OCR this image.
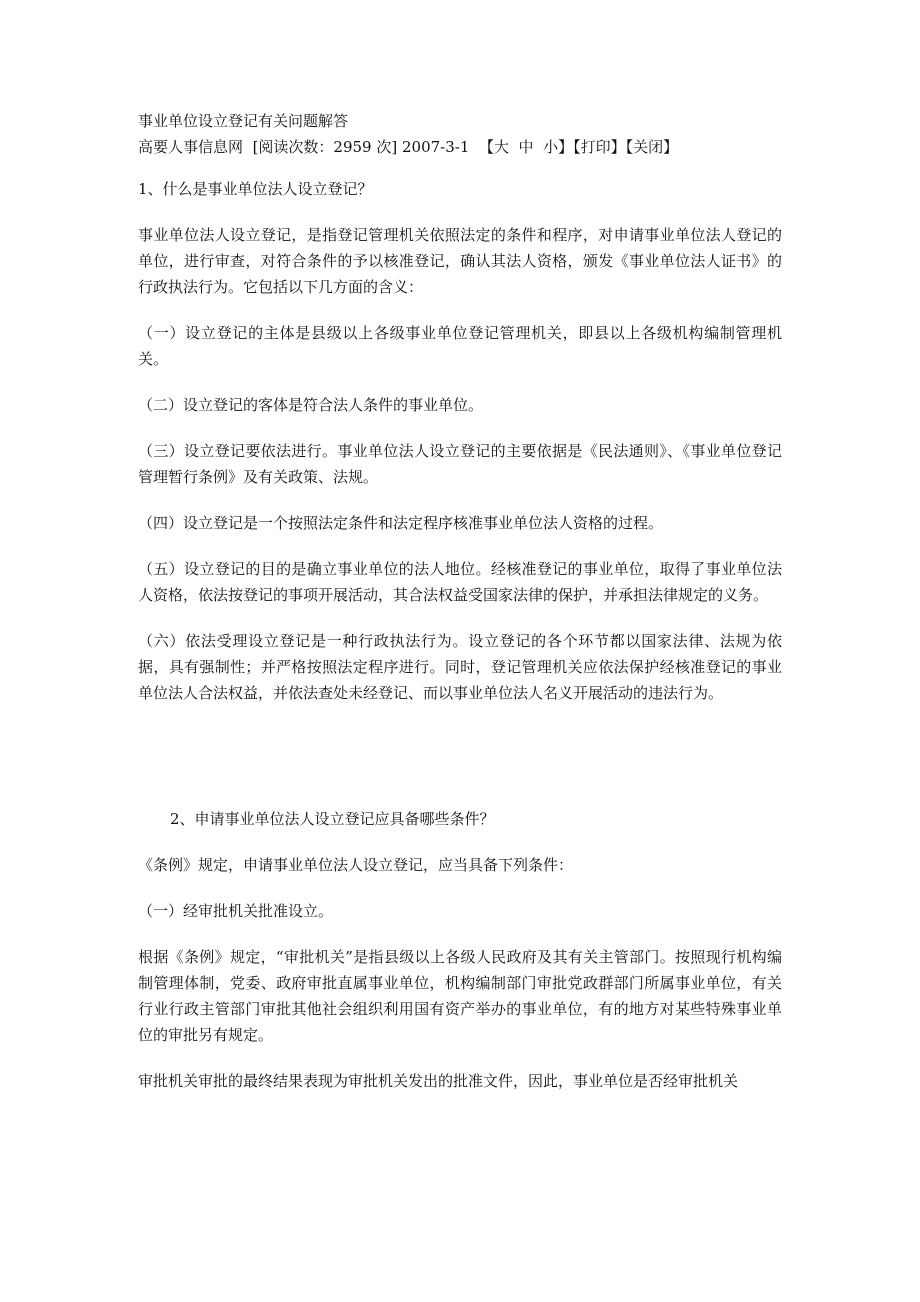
事业单位设立登记有关问题解答

高要人事信息网 [阅读次数：2959 次] 2007-3-1 【大 中 小】【打印】【关闭】

1、什么是事业单位法人设立登记？

事业单位法人设立登记，是指登记管理机关依照法定的条件和程序，对申请事业单位法人登记的单位，进行审查，对符合条件的予以核准登记，确认其法人资格，颁发《事业单位法人证书》的行政执法行为。它包括以下几方面的含义：

（一）设立登记的主体是县级以上各级事业单位登记管理机关，即县以上各级机构编制管理机关。

（二）设立登记的客体是符合法人条件的事业单位。

（三）设立登记要依法进行。事业单位法人设立登记的主要依据是《民法通则》、《事业单位登记管理暂行条例》及有关政策、法规。

（四）设立登记是一个按照法定条件和法定程序核准事业单位法人资格的过程。

（五）设立登记的目的是确立事业单位的法人地位。经核准登记的事业单位，取得了事业单位法人资格，依法按登记的事项开展活动，其合法权益受国家法律的保护，并承担法律规定的义务。

（六）依法受理设立登记是一种行政执法行为。设立登记的各个环节都以国家法律、法规为依据，具有强制性；并严格按照法定程序进行。同时，登记管理机关应依法保护经核准登记的事业单位法人合法权益，并依法查处未经登记、而以事业单位法人名义开展活动的违法行为。

2、申请事业单位法人设立登记应具备哪些条件？

《条例》规定，申请事业单位法人设立登记，应当具备下列条件：

（一）经审批机关批准设立。

根据《条例》规定，“审批机关”是指县级以上各级人民政府及其有关主管部门。按照现行机构编制管理体制，党委、政府审批直属事业单位，机构编制部门审批党政群部门所属事业单位，有关行业行政主管部门审批其他社会组织利用国有资产举办的事业单位，有的地方对某些特殊事业单位的审批另有规定。

审批机关审批的最终结果表现为审批机关发出的批准文件，因此，事业单位是否经审批机关
